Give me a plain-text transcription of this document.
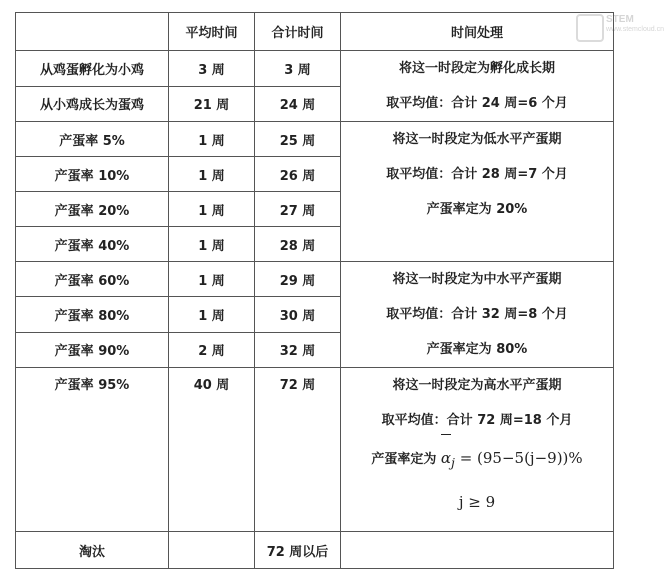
STEM
www.stemcloud.cn
	平均时间	合计时间	时间处理
从鸡蛋孵化为小鸡	3 周	3 周	将这一时段定为孵化成长期
取平均值：合计 24 周=6 个月

从小鸡成长为蛋鸡	21 周	24 周	
产蛋率 5%	1 周	25 周	将这一时段定为低水平产蛋期
取平均值：合计 28 周=7 个月
产蛋率定为 20%

产蛋率 10%	1 周	26 周	
产蛋率 20%	1 周	27 周	
产蛋率 40%	1 周	28 周	
产蛋率 60%	1 周	29 周	将这一时段定为中水平产蛋期
取平均值：合计 32 周=8 个月
产蛋率定为 80%

产蛋率 80%	1 周	30 周	
产蛋率 90%	2 周	32 周	

产蛋率 95%	40 周	72 周	将这一时段定为高水平产蛋期
取平均值：合计 72 周=18 个月
产蛋率定为 α
$_j$ = (95−5(j−9))%
j ≥ 9

淘汰		72 周以后	
